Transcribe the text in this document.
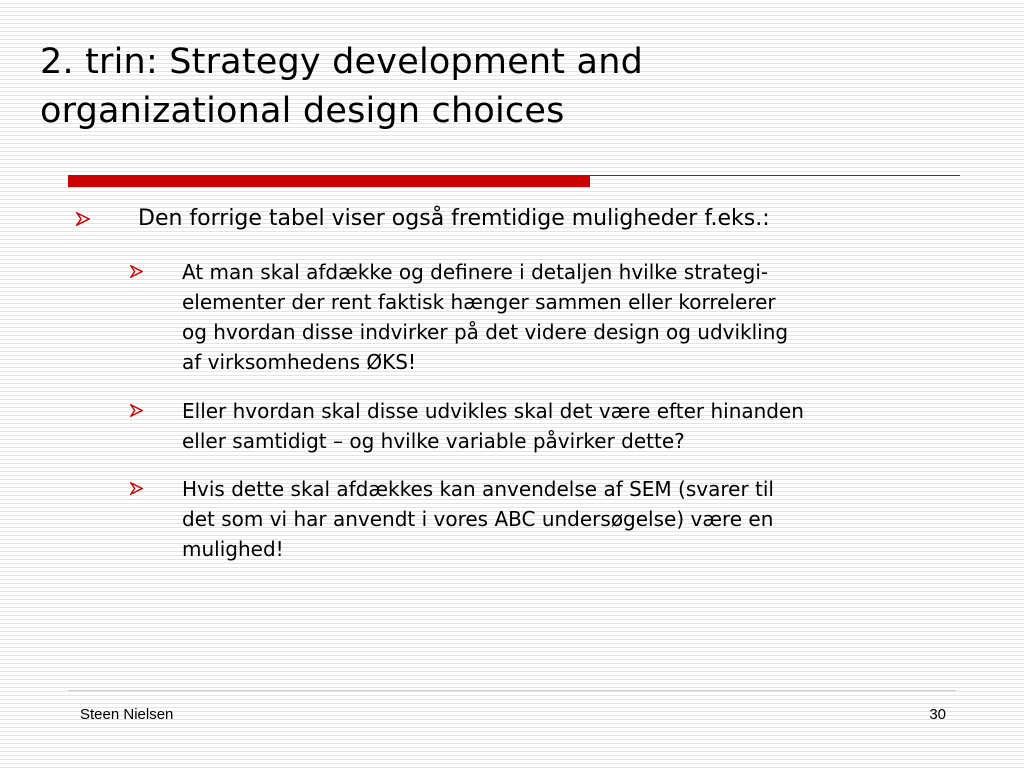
2. trin: Strategy development and
organizational design choices
Den forrige tabel viser også fremtidige muligheder f.eks.:
At man skal afdække og definere i detaljen hvilke strategi-
elementer der rent faktisk hænger sammen eller korrelerer
og hvordan disse indvirker på det videre design og udvikling
af virksomhedens ØKS!
Eller hvordan skal disse udvikles skal det være efter hinanden
eller samtidigt – og hvilke variable påvirker dette?
Hvis dette skal afdækkes kan anvendelse af SEM (svarer til
det som vi har anvendt i vores ABC undersøgelse) være en
mulighed!
Steen Nielsen	30
